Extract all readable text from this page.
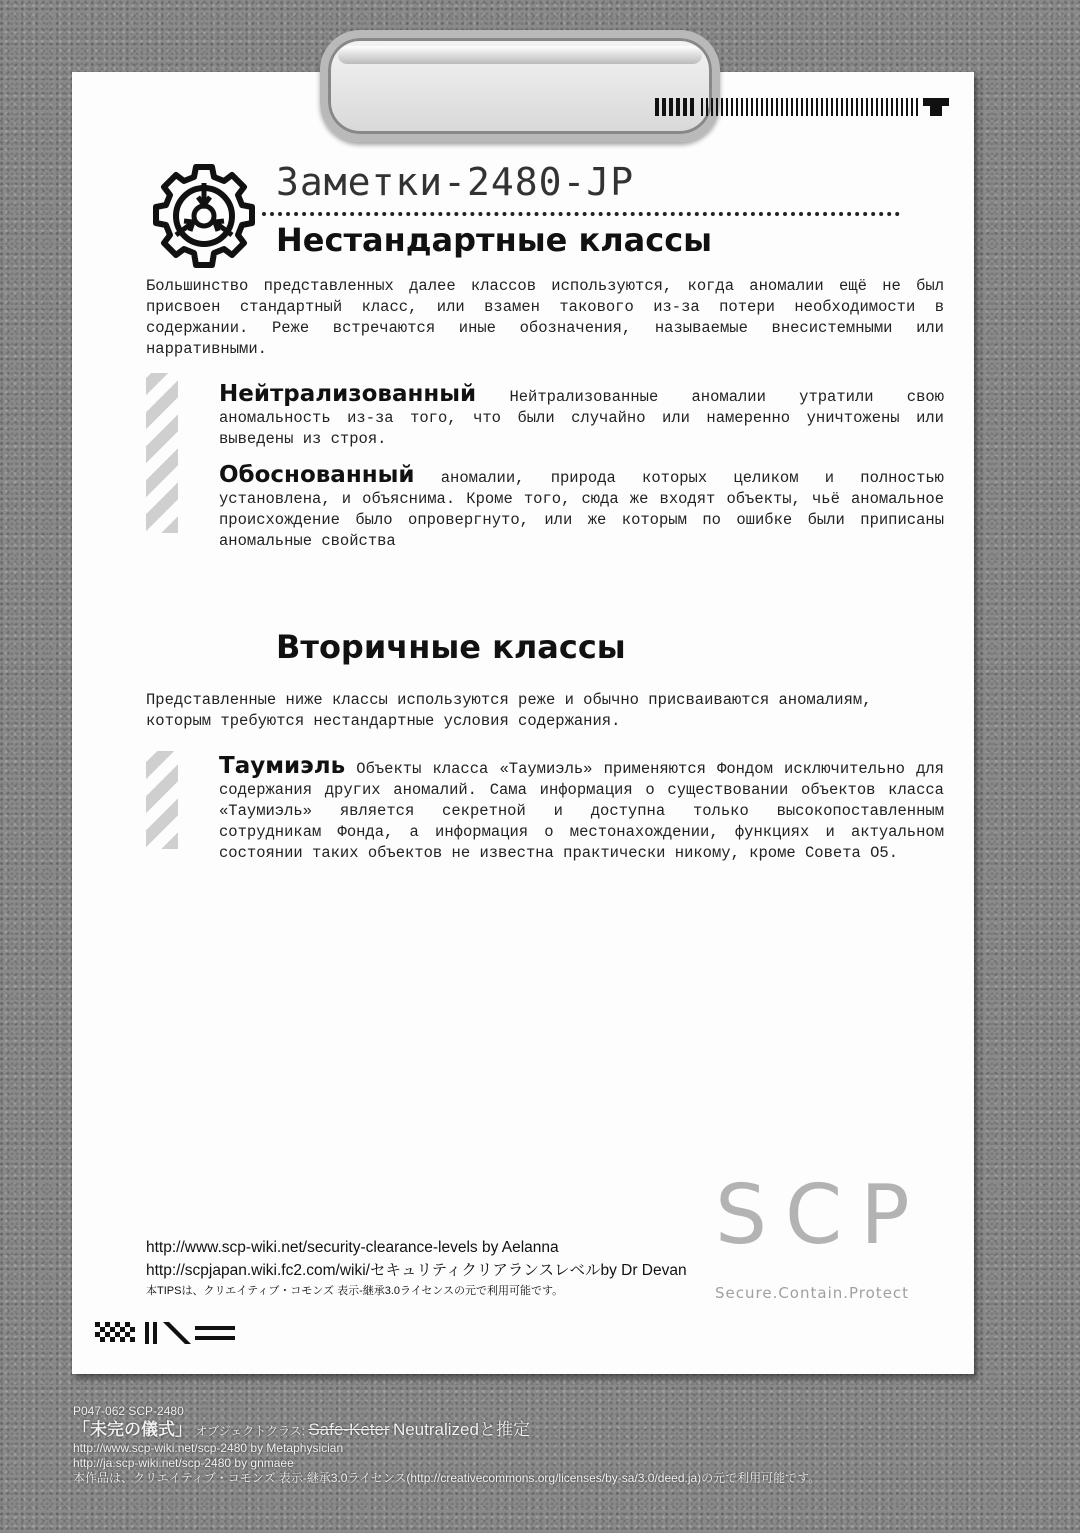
Заметки-2480-JP
Нестандартные классы

Большинство представленных далее классов используются, когда аномалии ещё не был присвоен стандартный класс, или взамен такового из-за потери необходимости в содержании. Реже встречаются иные обозначения, называемые внесистемными или нарративными.

Нейтрализованный Нейтрализованные аномалии утратили свою аномальность из-за того, что были случайно или намеренно уничтожены или выведены из строя.

Обоснованный аномалии, природа которых целиком и полностью установлена, и объяснима. Кроме того, сюда же входят объекты, чьё аномальное происхождение было опровергнуто, или же которым по ошибке были приписаны аномальные свойства

Вторичные классы

Представленные ниже классы используются реже и обычно присваиваются аномалиям, которым требуются нестандартные условия содержания.

Таумиэль Объекты класса «Таумиэль» применяются Фондом исключительно для содержания других аномалий. Сама информация о существовании объектов класса «Таумиэль» является секретной и доступна только высокопоставленным сотрудникам Фонда, а информация о местонахождении, функциях и актуальном состоянии таких объектов не известна практически никому, кроме Совета О5.

SCP
Secure.Contain.Protect
http://www.scp-wiki.net/security-clearance-levels by Aelanna
http://scpjapan.wiki.fc2.com/wiki/セキュリティクリアランスレベルby Dr Devan
本TIPSは、クリエイティブ・コモンズ 表示-継承3.0ライセンスの元で利用可能です。
P047-062 SCP-2480
「未完の儀式」 オブジェクトクラス: Safe-Keter Neutralizedと推定
http://www.scp-wiki.net/scp-2480 by Metaphysician
http://ja.scp-wiki.net/scp-2480 by gnmaee
本作品は、クリエイティブ・コモンズ 表示-継承3.0ライセンス(http://creativecommons.org/licenses/by-sa/3.0/deed.ja)の元で利用可能です。
